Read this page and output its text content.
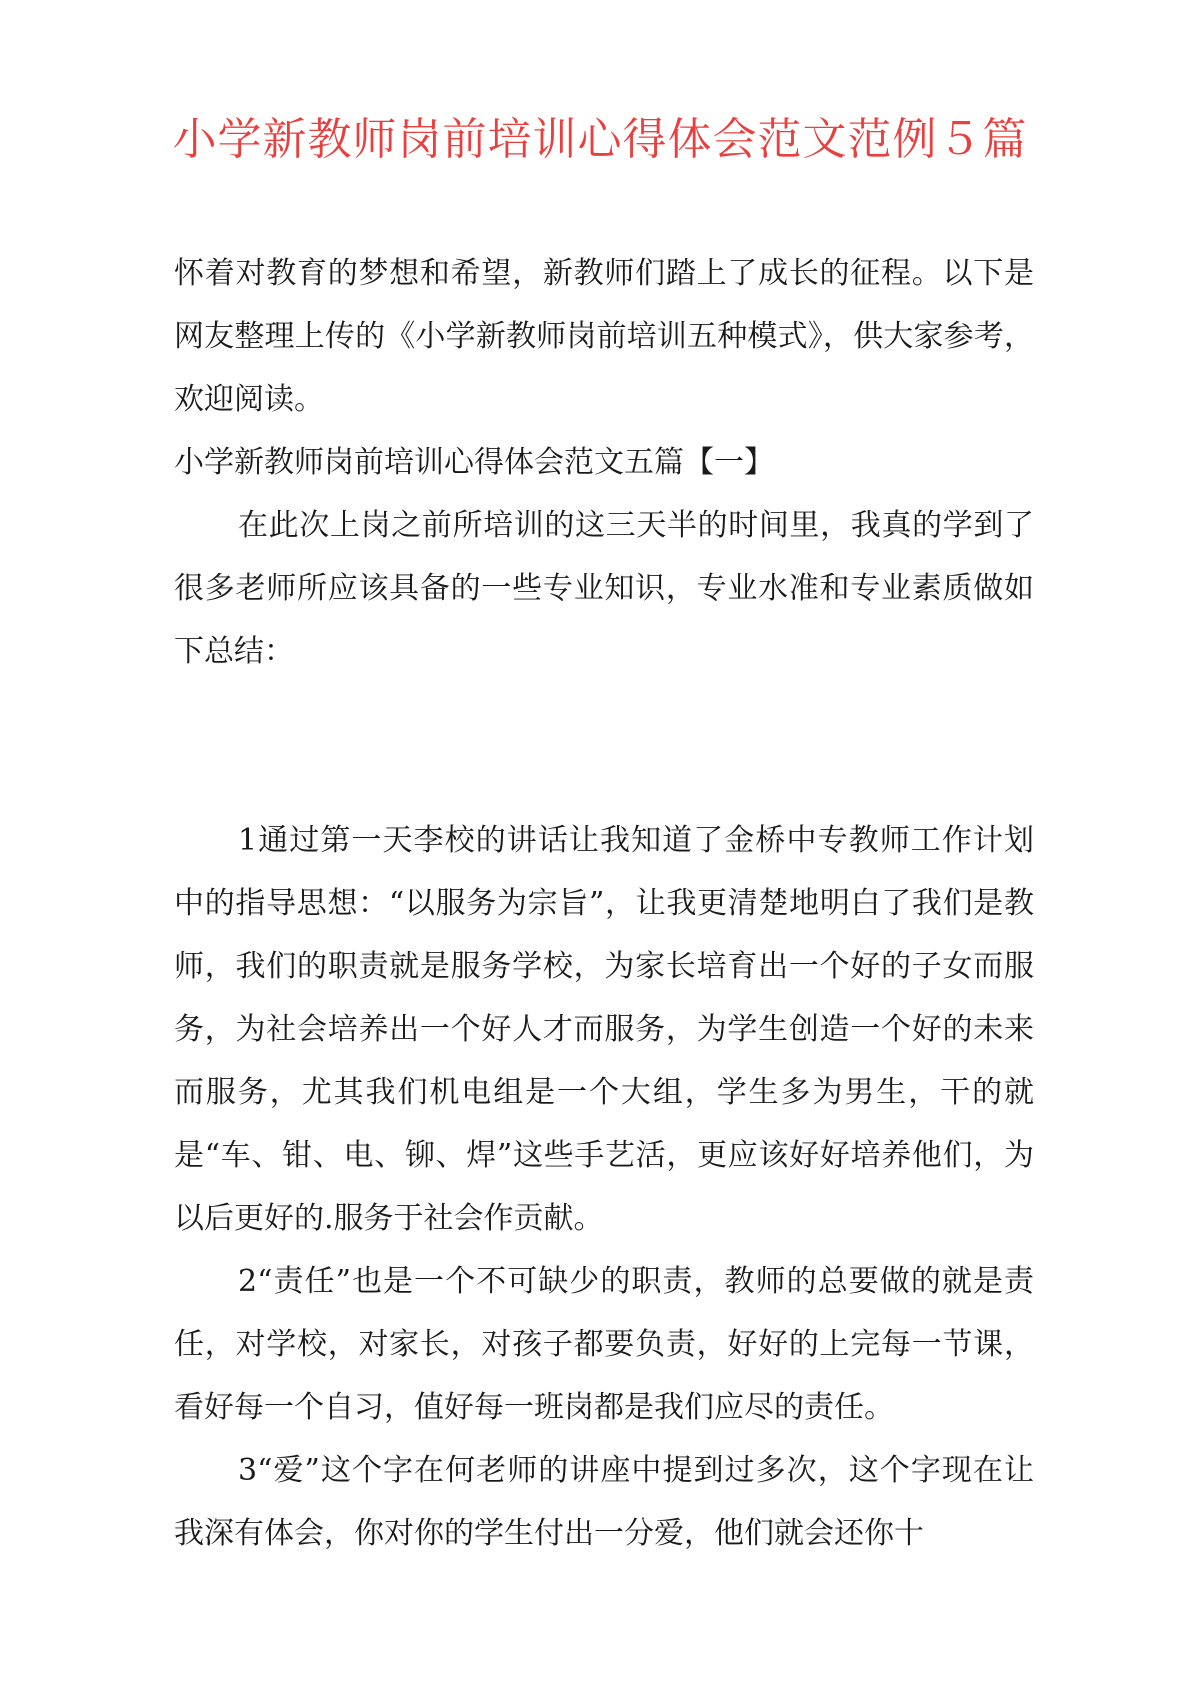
小学新教师岗前培训心得体会范文范例５篇

怀着对教育的梦想和希望，新教师们踏上了成长的征程。以下是网友整理上传的《小学新教师岗前培训五种模式》，供大家参考，欢迎阅读。

小学新教师岗前培训心得体会范文五篇【一】

在此次上岗之前所培训的这三天半的时间里，我真的学到了很多老师所应该具备的一些专业知识，专业水准和专业素质做如下总结：

1通过第一天李校的讲话让我知道了金桥中专教师工作计划中的指导思想：“以服务为宗旨”，让我更清楚地明白了我们是教师，我们的职责就是服务学校，为家长培育出一个好的子女而服务，为社会培养出一个好人才而服务，为学生创造一个好的未来而服务，尤其我们机电组是一个大组，学生多为男生，干的就是“车、钳、电、铆、焊”这些手艺活，更应该好好培养他们，为以后更好的.服务于社会作贡献。

2“责任”也是一个不可缺少的职责，教师的总要做的就是责任，对学校，对家长，对孩子都要负责，好好的上完每一节课，看好每一个自习，值好每一班岗都是我们应尽的责任。

3“爱”这个字在何老师的讲座中提到过多次，这个字现在让我深有体会，你对你的学生付出一分爱，他们就会还你十
